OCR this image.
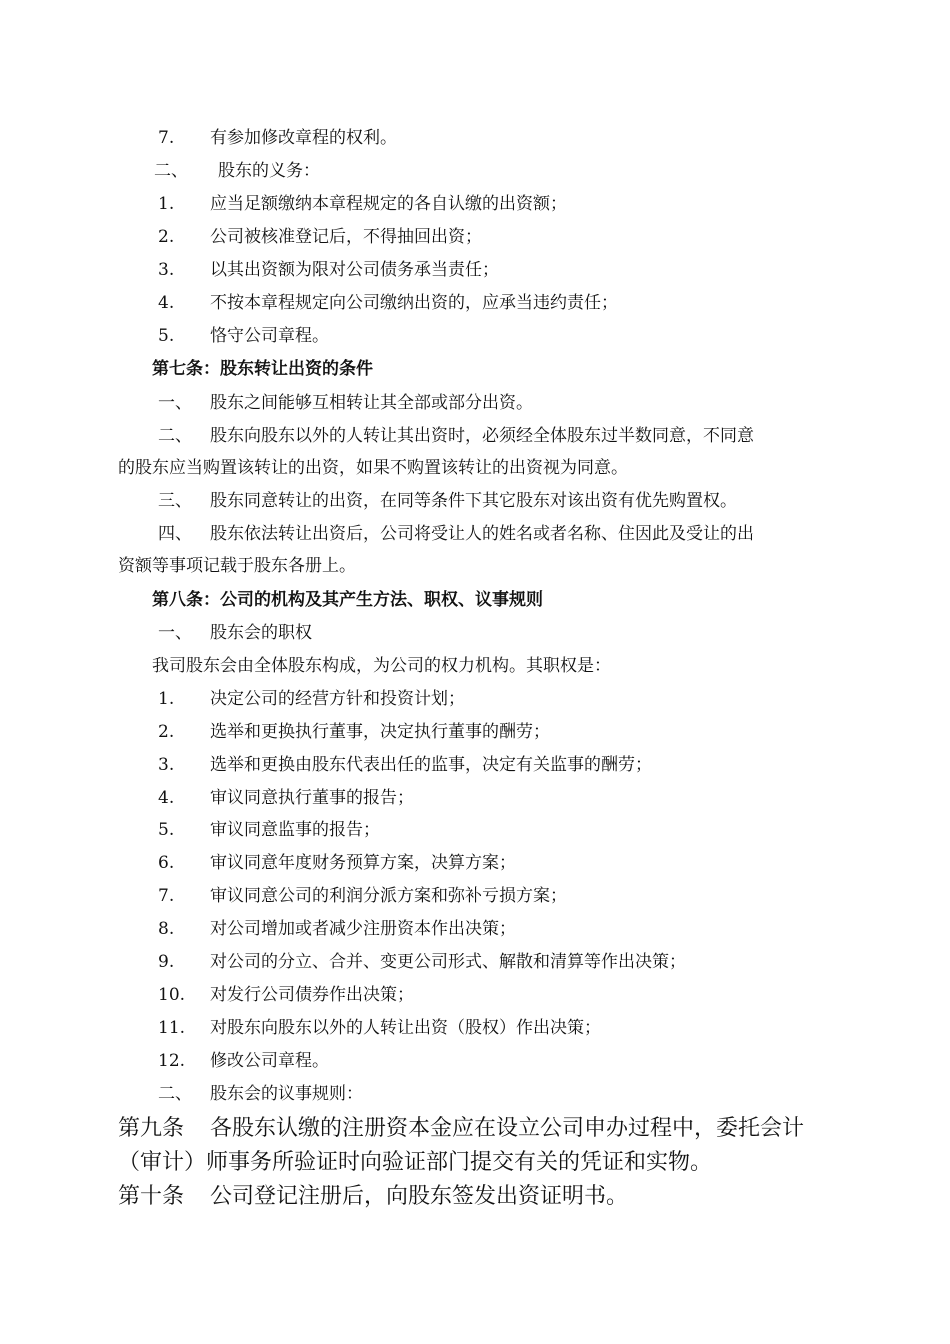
7. 有参加修改章程的权利。
二、 股东的义务：
1. 应当足额缴纳本章程规定的各自认缴的出资额；
2. 公司被核准登记后，不得抽回出资；
3. 以其出资额为限对公司债务承当责任；
4. 不按本章程规定向公司缴纳出资的，应承当违约责任；
5. 恪守公司章程。
第七条：股东转让出资的条件
一、 股东之间能够互相转让其全部或部分出资。
二、 股东向股东以外的人转让其出资时，必须经全体股东过半数同意，不同意
的股东应当购置该转让的出资，如果不购置该转让的出资视为同意。
三、 股东同意转让的出资，在同等条件下其它股东对该出资有优先购置权。
四、 股东依法转让出资后，公司将受让人的姓名或者名称、住因此及受让的出
资额等事项记载于股东各册上。
第八条：公司的机构及其产生方法、职权、议事规则
一、 股东会的职权
我司股东会由全体股东构成，为公司的权力机构。其职权是：
1. 决定公司的经营方针和投资计划；
2. 选举和更换执行董事，决定执行董事的酬劳；
3. 选举和更换由股东代表出任的监事，决定有关监事的酬劳；
4. 审议同意执行董事的报告；
5. 审议同意监事的报告；
6. 审议同意年度财务预算方案，决算方案；
7. 审议同意公司的利润分派方案和弥补亏损方案；
8. 对公司增加或者减少注册资本作出决策；
9. 对公司的分立、合并、变更公司形式、解散和清算等作出决策；
10. 对发行公司债券作出决策；
11. 对股东向股东以外的人转让出资（股权）作出决策；
12. 修改公司章程。
二、 股东会的议事规则：
第九条 各股东认缴的注册资本金应在设立公司申办过程中，委托会计
（审计）师事务所验证时向验证部门提交有关的凭证和实物。
第十条 公司登记注册后，向股东签发出资证明书。
